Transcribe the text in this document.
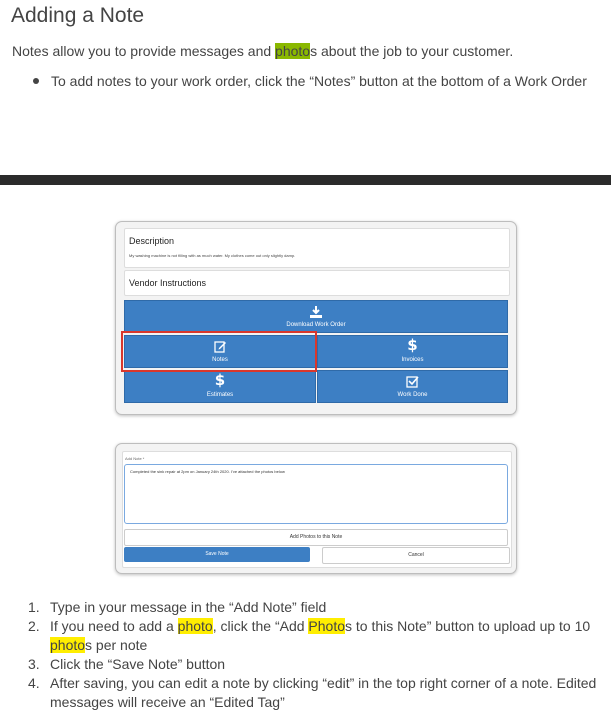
Adding a Note
Notes allow you to provide messages and photos about the job to your customer.
To add notes to your work order, click the “Notes” button at the bottom of a Work Order
Description
My washing machine is not filling with as much water. My clothes come out only slightly damp.
Vendor Instructions
Download Work Order
Notes
$
Invoices
$
Estimates	Work Done
Add Note *
Completed the sink repair at 2pm on January 24th 2020. I've attached the photos below
Add Photos to this Note
Save Note	Cancel
1. Type in your message in the “Add Note” field
2. If you need to add a photo, click the “Add Photos to this Note” button to upload up to 10 photos per note
3. Click the “Save Note” button
4. After saving, you can edit a note by clicking “edit” in the top right corner of a note. Edited messages will receive an “Edited Tag”
